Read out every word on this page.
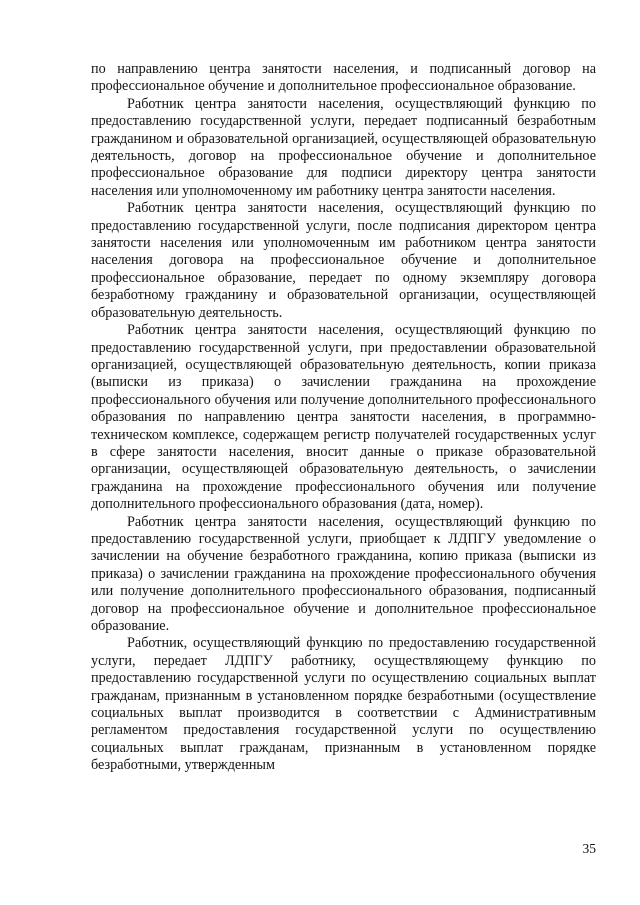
по направлению центра занятости населения, и подписанный договор на профессиональное обучение и дополнительное профессиональное образование.

Работник центра занятости населения, осуществляющий функцию по предоставлению государственной услуги, передает подписанный безработным гражданином и образовательной организацией, осуществляющей образовательную деятельность, договор на профессиональное обучение и дополнительное профессиональное образование для подписи директору центра занятости населения или уполномоченному им работнику центра занятости населения.

Работник центра занятости населения, осуществляющий функцию по предоставлению государственной услуги, после подписания директором центра занятости населения или уполномоченным им работником центра занятости населения договора на профессиональное обучение и дополнительное профессиональное образование, передает по одному экземпляру договора безработному гражданину и образовательной организации, осуществляющей образовательную деятельность.

Работник центра занятости населения, осуществляющий функцию по предоставлению государственной услуги, при предоставлении образовательной организацией, осуществляющей образовательную деятельность, копии приказа (выписки из приказа) о зачислении гражданина на прохождение профессионального обучения или получение дополнительного профессионального образования по направлению центра занятости населения, в программно-техническом комплексе, содержащем регистр получателей государственных услуг в сфере занятости населения, вносит данные о приказе образовательной организации, осуществляющей образовательную деятельность, о зачислении гражданина на прохождение профессионального обучения или получение дополнительного профессионального образования (дата, номер).

Работник центра занятости населения, осуществляющий функцию по предоставлению государственной услуги, приобщает к ЛДПГУ уведомление о зачислении на обучение безработного гражданина, копию приказа (выписки из приказа) о зачислении гражданина на прохождение профессионального обучения или получение дополнительного профессионального образования, подписанный договор на профессиональное обучение и дополнительное профессиональное образование.

Работник, осуществляющий функцию по предоставлению государственной услуги, передает ЛДПГУ работнику, осуществляющему функцию по предоставлению государственной услуги по осуществлению социальных выплат гражданам, признанным в установленном порядке безработными (осуществление социальных выплат производится в соответствии с Административным регламентом предоставления государственной услуги по осуществлению социальных выплат гражданам, признанным в установленном порядке безработными, утвержденным

35
